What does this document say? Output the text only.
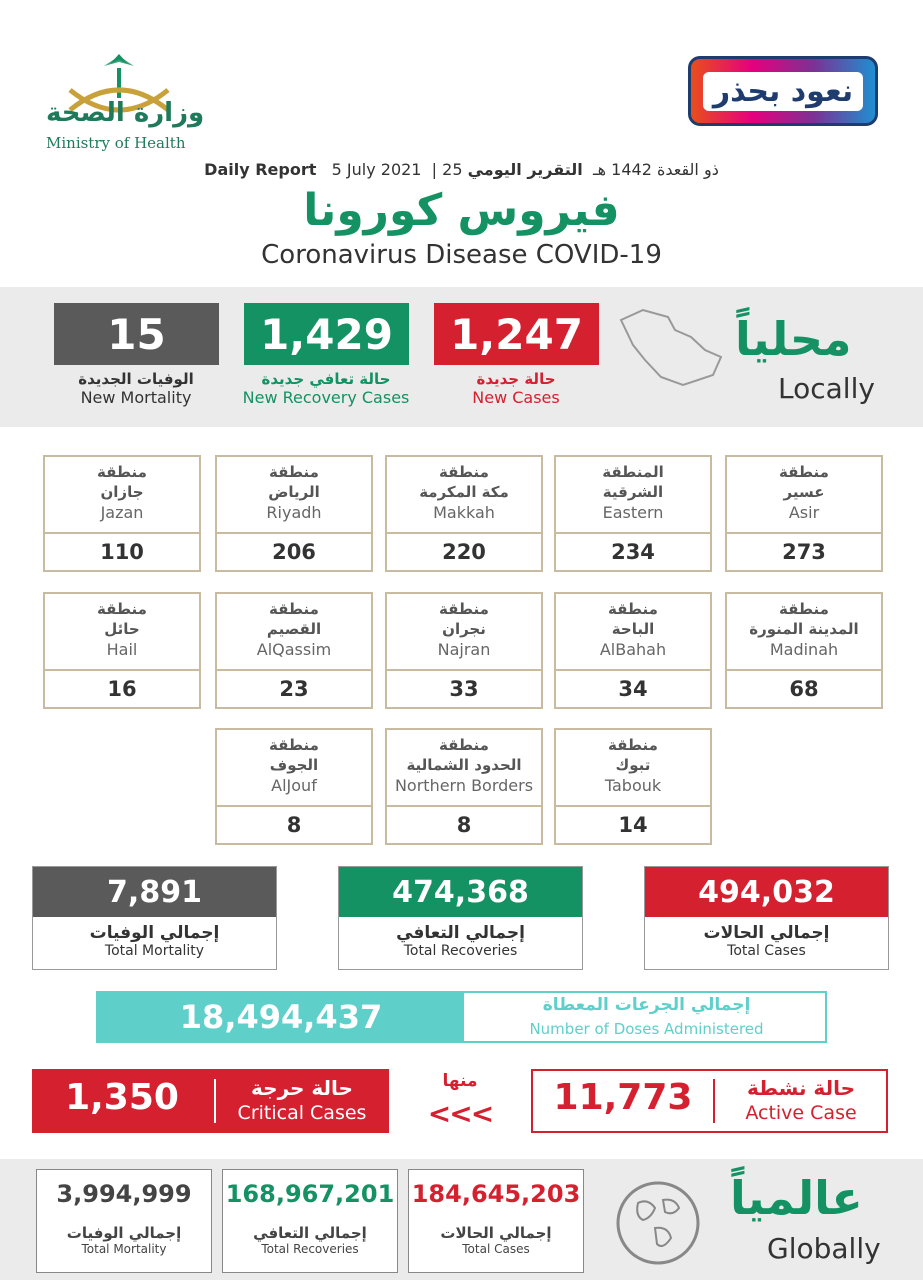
وزارة الصحة
Ministry of Health
نعود بحذر
Daily Report 5 July 2021  | 25 ذو القعدة 1442 هـ  التقرير اليومي
فيروس كورونا
Coronavirus Disease COVID-19
15
الوفيات الجديدة
New Mortality
1,429
حالة تعافي جديدة
New Recovery Cases
1,247
حالة جديدة
New Cases
محلياً
Locally
منطقة
عسير
Asir
273
المنطقة
الشرقية
Eastern
234
منطقة
مكة المكرمة
Makkah
220
منطقة
الرياض
Riyadh
206
منطقة
جازان
Jazan
110
منطقة
المدينة المنورة
Madinah
68
منطقة
الباحة
AlBahah
34
منطقة
نجران
Najran
33
منطقة
القصيم
AlQassim
23
منطقة
حائل
Hail
16
منطقة
تبوك
Tabouk
14
منطقة
الحدود الشمالية
Northern Borders
8
منطقة
الجوف
AlJouf
8
7,891
إجمالي الوفيات
Total Mortality
474,368
إجمالي التعافي
Total Recoveries
494,032
إجمالي الحالات
Total Cases
18,494,437	إجمالي الجرعات المعطاة
Number of Doses Administered
1,350	حالة حرجة
Critical Cases
منها
<<<	11,773	حالة نشطة
Active Case
3,994,999
إجمالي الوفيات
Total Mortality
168,967,201
إجمالي التعافي
Total Recoveries
184,645,203
إجمالي الحالات
Total Cases
عالمياً
Globally
